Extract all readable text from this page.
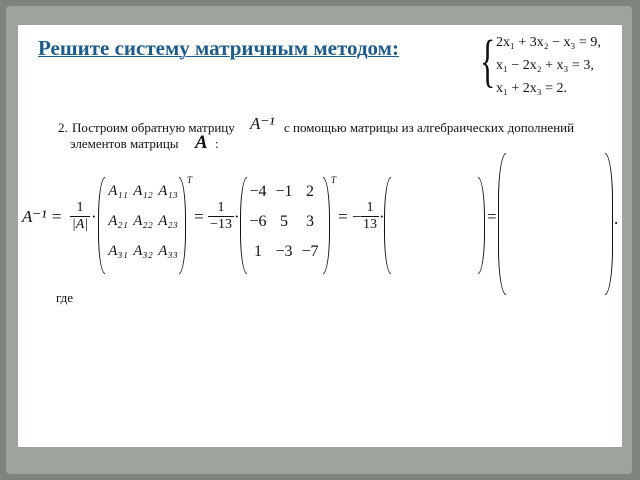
Решите систему матричным методом: { 2x₁ + 3x₂ − x₃ = 9,
x₁ − 2x₂ + x₃ = 3,
x₁ + 2x₃ = 2.
2. Построим обратную матрицу A⁻¹ с помощью матрицы из алгебраических дополнений
элементов матрицы A :
$A^{-1} = \frac{1}{|A|}$ ·
T
= $\frac{1}{-13}$ ·
T
= − $\frac{1}{13}$ ·	=	.
где
A₁₁ A₁₂ A₁₃
A₂₁ A₂₂ A₂₃
A₃₁ A₃₂ A₃₃
−4 −1 2
−6 5	3
1 −3 −7
